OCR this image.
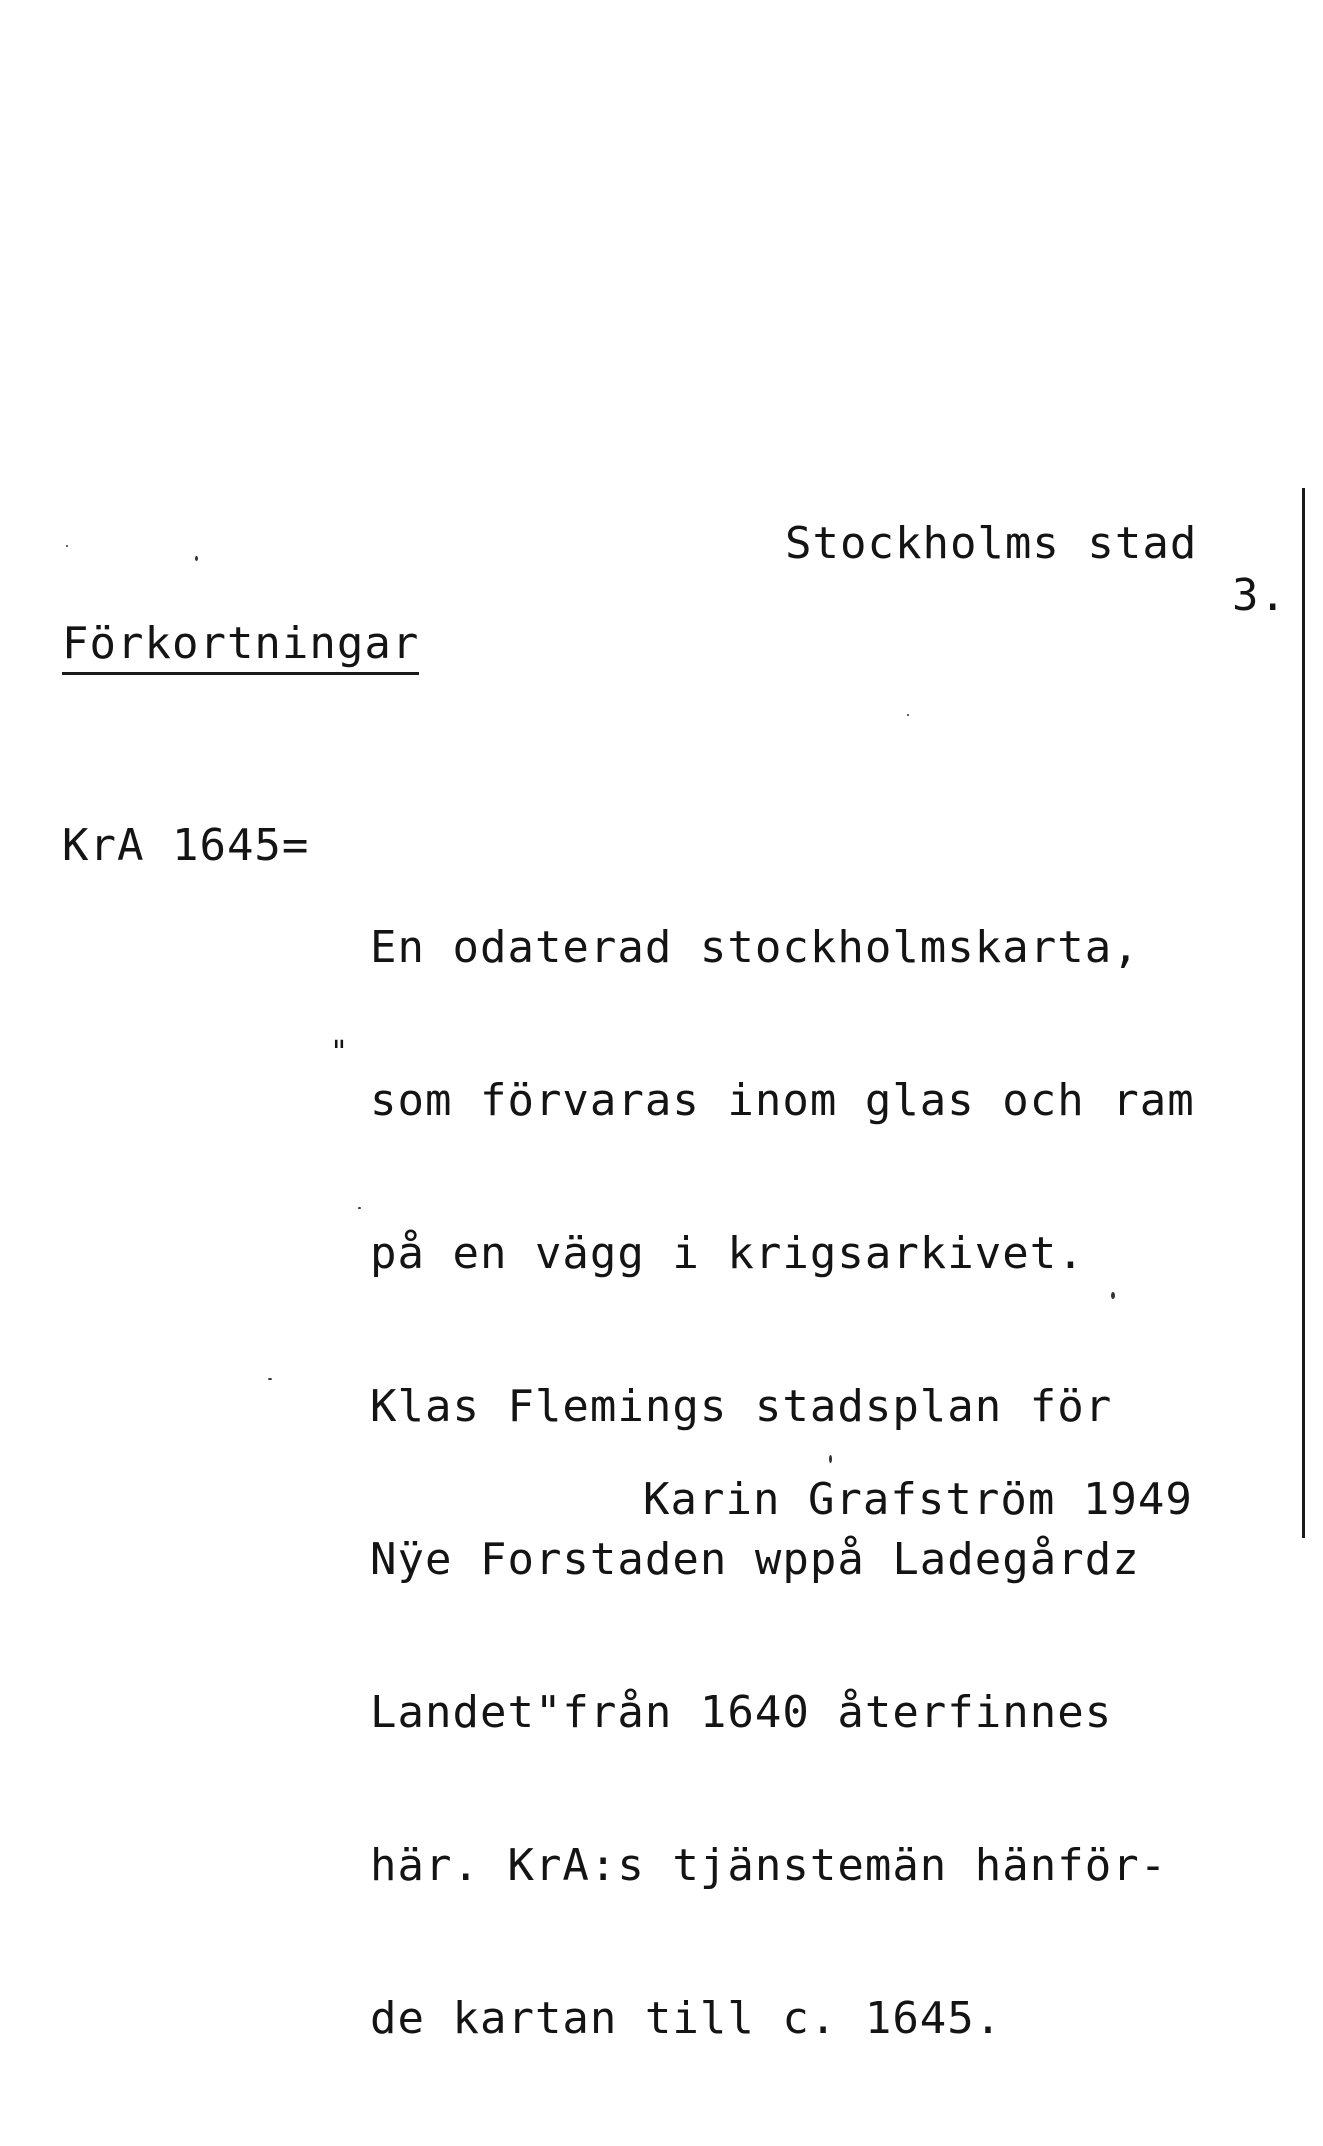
Stockholms stad
3.
Förkortningar
KrA 1645=
"

En odaterad stockholmskarta,

som förvaras inom glas och ram

på en vägg i krigsarkivet.

Klas Flemings stadsplan för

Nÿe Forstaden wppå Ladegårdz

Landet"från 1640 återfinnes

här. KrA:s tjänstemän hänför-

de kartan till c. 1645.

Karin Grafström 1949
